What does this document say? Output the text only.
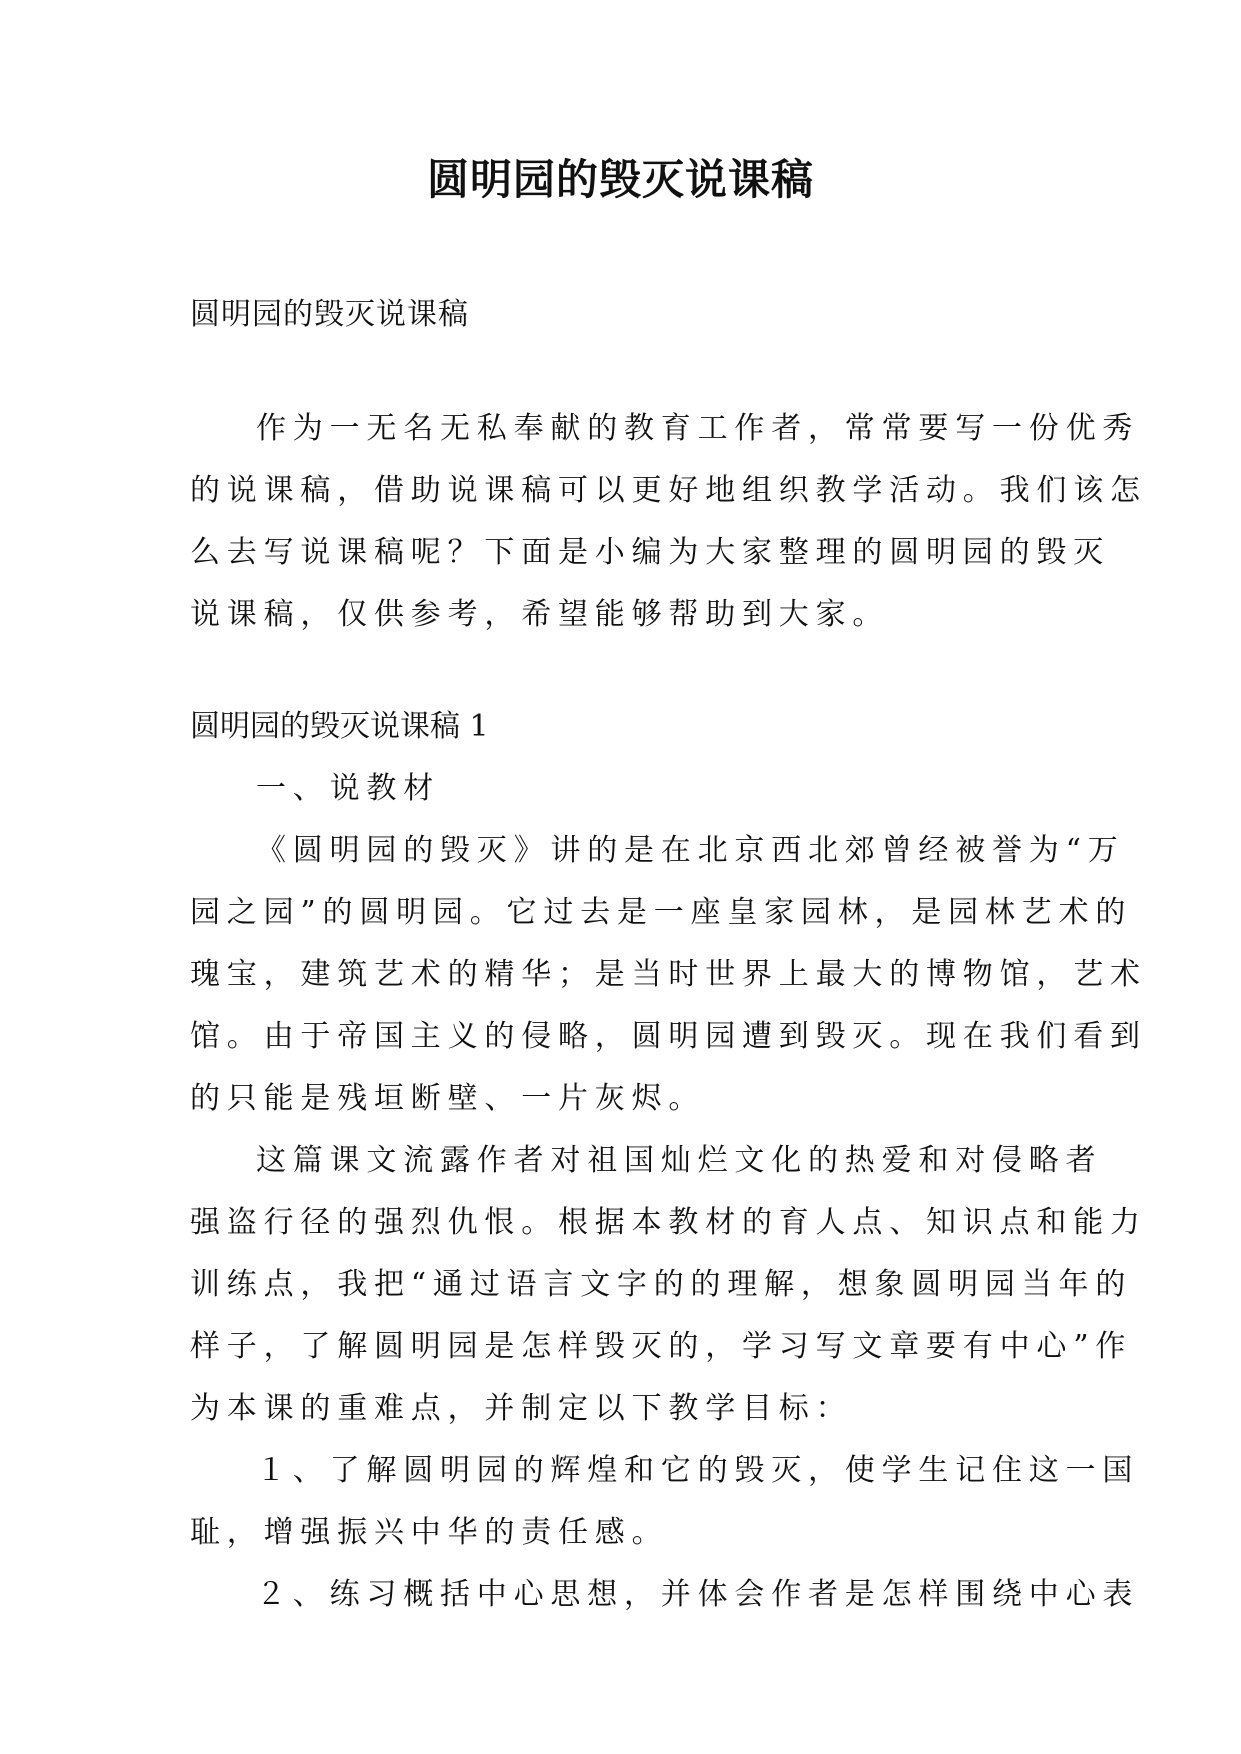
圆明园的毁灭说课稿

圆明园的毁灭说课稿

作为一无名无私奉献的教育工作者，常常要写一份优秀

的说课稿，借助说课稿可以更好地组织教学活动。我们该怎

么去写说课稿呢？下面是小编为大家整理的圆明园的毁灭

说课稿，仅供参考，希望能够帮助到大家。

圆明园的毁灭说课稿 1

一、说教材

《圆明园的毁灭》讲的是在北京西北郊曾经被誉为“万

园之园”的圆明园。它过去是一座皇家园林，是园林艺术的

瑰宝，建筑艺术的精华；是当时世界上最大的博物馆，艺术

馆。由于帝国主义的侵略，圆明园遭到毁灭。现在我们看到

的只能是残垣断壁、一片灰烬。

这篇课文流露作者对祖国灿烂文化的热爱和对侵略者

强盗行径的强烈仇恨。根据本教材的育人点、知识点和能力

训练点，我把“通过语言文字的的理解，想象圆明园当年的

样子，了解圆明园是怎样毁灭的，学习写文章要有中心”作

为本课的重难点，并制定以下教学目标：

１、了解圆明园的辉煌和它的毁灭，使学生记住这一国

耻，增强振兴中华的责任感。

２、练习概括中心思想，并体会作者是怎样围绕中心表
